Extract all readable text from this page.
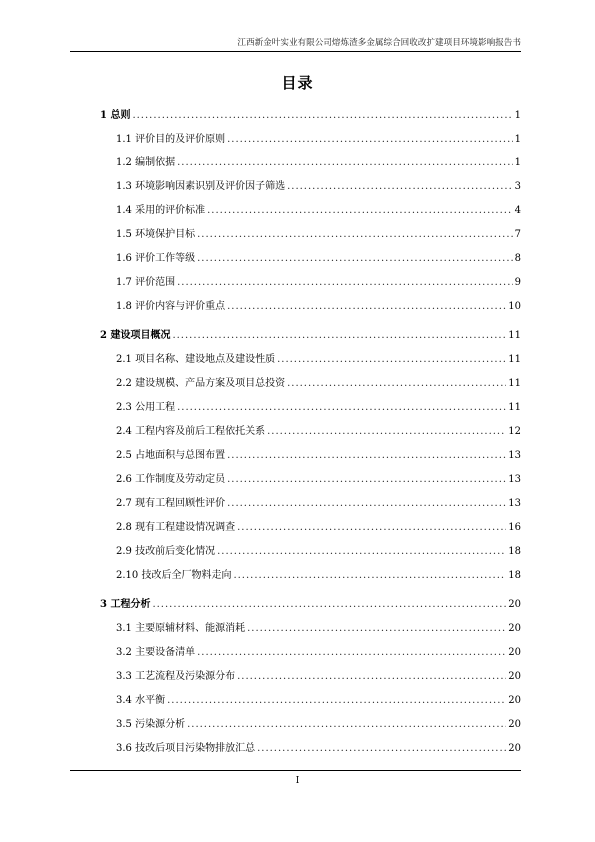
江西新金叶实业有限公司熔炼渣多金属综合回收改扩建项目环境影响报告书
目录
1 总则 .....	1
1.1 评价目的及评价原则 .....	1
1.2 编制依据 .....	1
1.3 环境影响因素识别及评价因子筛选 .....	3
1.4 采用的评价标准 .....	4
1.5 环境保护目标 .....	7
1.6 评价工作等级 .....	8
1.7 评价范围 .....	9
1.8 评价内容与评价重点 .....	10
2 建设项目概况 .....	11
2.1 项目名称、建设地点及建设性质 .....	11
2.2 建设规模、产品方案及项目总投资 .....	11
2.3 公用工程 .....	11
2.4 工程内容及前后工程依托关系 .....	12
2.5 占地面积与总图布置 .....	13
2.6 工作制度及劳动定员 .....	13
2.7 现有工程回顾性评价 .....	13
2.8 现有工程建设情况调查 .....	16
2.9 技改前后变化情况 .....	18
2.10 技改后全厂物料走向 .....	18
3 工程分析 .....	20
3.1 主要原辅材料、能源消耗 .....	20
3.2 主要设备清单 .....	20
3.3 工艺流程及污染源分布 .....	20
3.4 水平衡 .....	20
3.5 污染源分析 .....	20
3.6 技改后项目污染物排放汇总 .....	20
I
